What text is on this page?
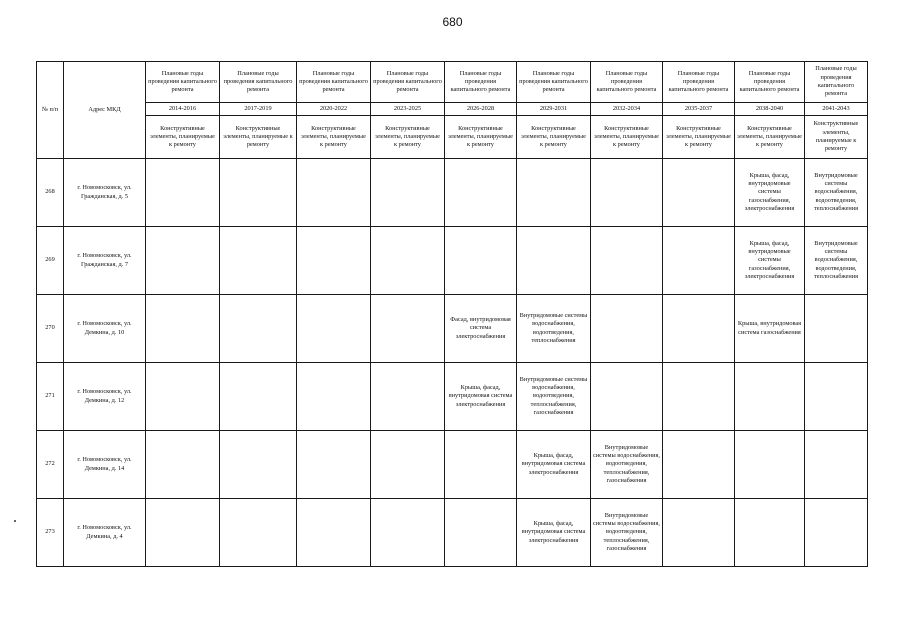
680
№ п/п	Адрес МКД	Плановые годы проведения капитального ремонта	Плановые годы проведения капитального ремонта	Плановые годы проведения капитального ремонта	Плановые годы проведения капитального ремонта	Плановые годы проведения капитального ремонта	Плановые годы проведения капитального ремонта	Плановые годы проведения капитального ремонта	Плановые годы проведения капитального ремонта	Плановые годы проведения капитального ремонта	Плановые годы проведения капитального ремонта
		2014-2016	2017-2019	2020-2022	2023-2025	2026-2028	2029-2031	2032-2034	2035-2037	2038-2040	2041-2043
		Конструктивные элементы, планируемые к ремонту	Конструктивные элементы, планируемые к ремонту	Конструктивные элементы, планируемые к ремонту	Конструктивные элементы, планируемые к ремонту	Конструктивные элементы, планируемые к ремонту	Конструктивные элементы, планируемые к ремонту	Конструктивные элементы, планируемые к ремонту	Конструктивные элементы, планируемые к ремонту	Конструктивные элементы, планируемые к ремонту	Конструктивные элементы, планируемые к ремонту
268	г. Новомосковск, ул. Гражданская, д. 5									Крыша, фасад, внутридомовые системы газоснабжения, электроснабжения	Внутридомовые системы водоснабжения, водоотведения, теплоснабжения
269	г. Новомосковск, ул. Гражданская, д. 7									Крыша, фасад, внутридомовые системы газоснабжения, электроснабжения	Внутридомовые системы водоснабжения, водоотведения, теплоснабжения
270	г. Новомосковск, ул. Демкина, д. 10					Фасад, внутридомовая система электроснабжения	Внутридомовые системы водоснабжения, водоотведения, теплоснабжения			Крыша, внутридомовая система газоснабжения	
271	г. Новомосковск, ул. Демкина, д. 12					Крыша, фасад, внутридомовая система электроснабжения	Внутридомовые системы водоснабжения, водоотведения, теплоснабжения, газоснабжения				
272	г. Новомосковск, ул. Демкина, д. 14						Крыша, фасад, внутридомовая система электроснабжения	Внутридомовые системы водоснабжения, водоотведения, теплоснабжения, газоснабжения			
273	г. Новомосковск, ул. Демкина, д. 4						Крыша, фасад, внутридомовая система электроснабжения	Внутридомовые системы водоснабжения, водоотведения, теплоснабжения, газоснабжения			
